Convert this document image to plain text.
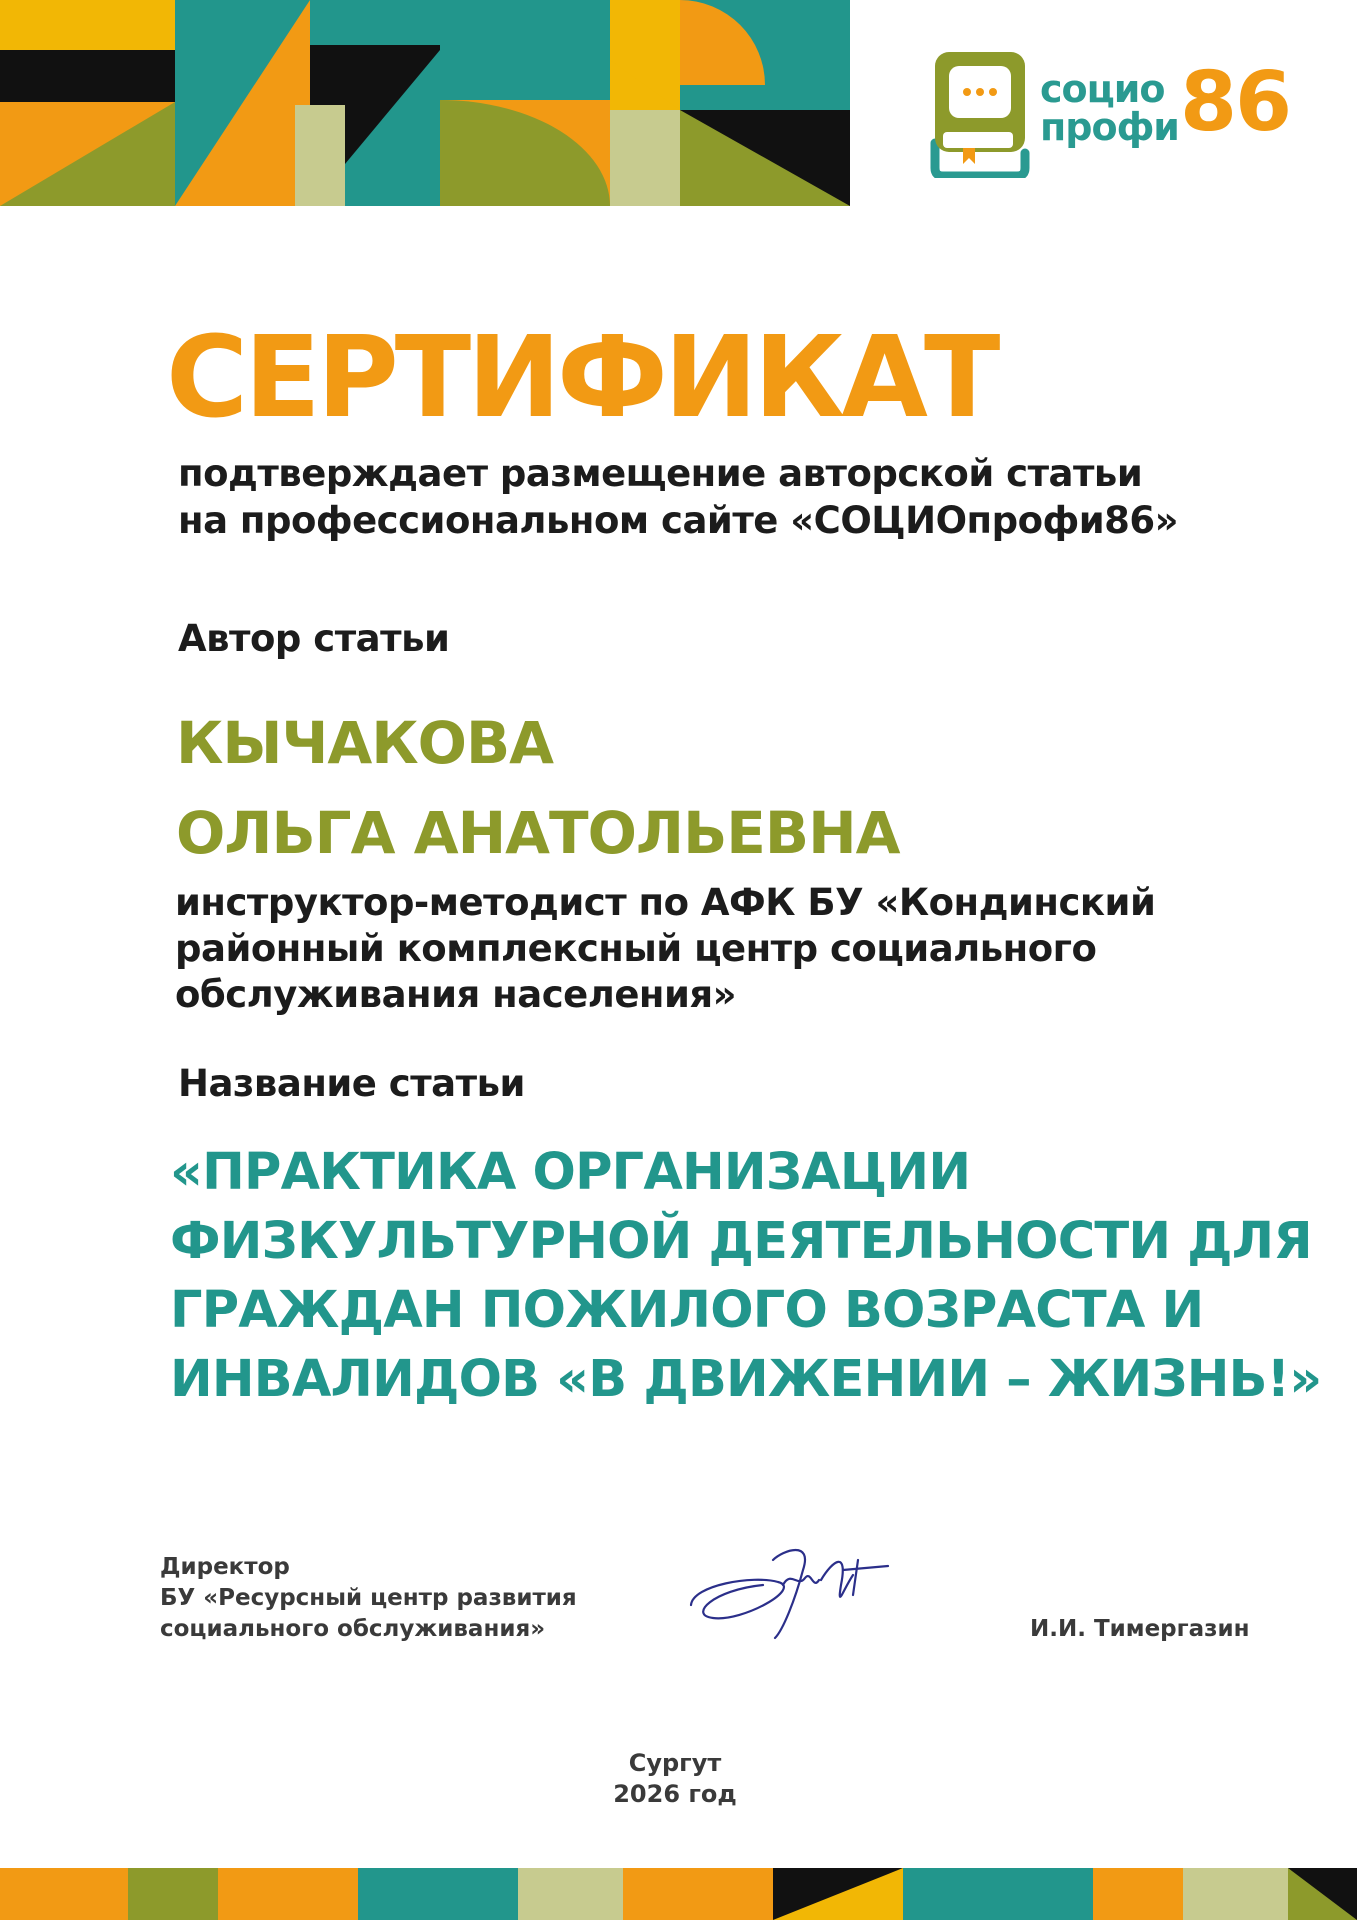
социо
профи 86
СЕРТИФИКАТ
подтверждает размещение авторской статьи
на профессиональном сайте «СОЦИОпрофи86»
Автор статьи
КЫЧАКОВА
ОЛЬГА АНАТОЛЬЕВНА
инструктор-методист по АФК БУ «Кондинский
районный комплексный центр социального
обслуживания населения»
Название статьи
«ПРАКТИКА ОРГАНИЗАЦИИ
ФИЗКУЛЬТУРНОЙ ДЕЯТЕЛЬНОСТИ ДЛЯ
ГРАЖДАН ПОЖИЛОГО ВОЗРАСТА И
ИНВАЛИДОВ «В ДВИЖЕНИИ – ЖИЗНЬ!»
Директор
БУ «Ресурсный центр развития
социального обслуживания»	И.И. Тимергазин
Сургут
2026 год
